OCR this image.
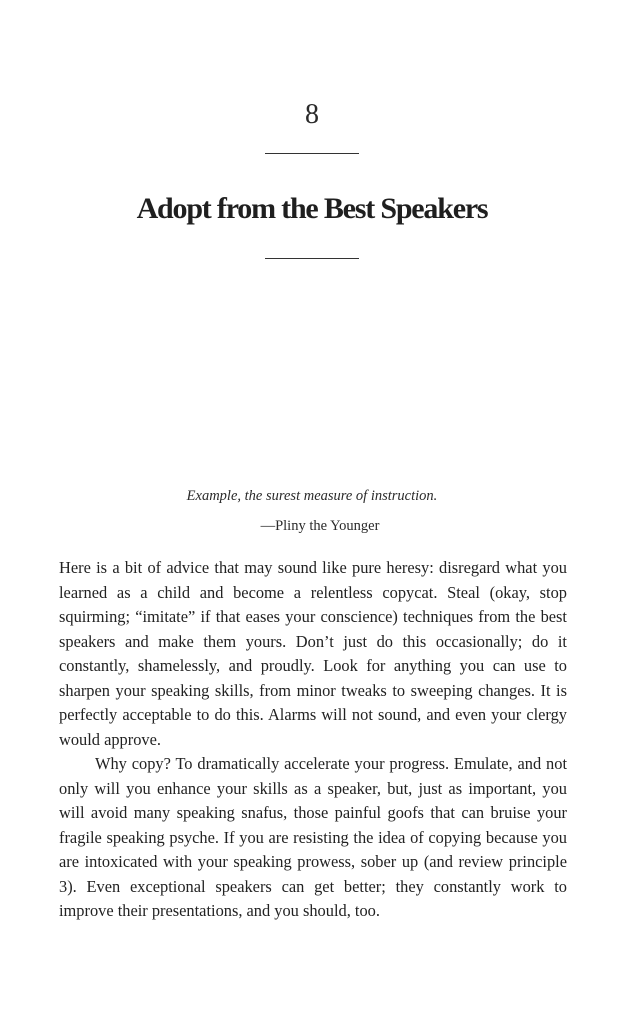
8
Adopt from the Best Speakers

Example, the surest measure of instruction.

—Pliny the Younger

Here is a bit of advice that may sound like pure heresy: disregard what you learned as a child and become a relentless copycat. Steal (okay, stop squirming; “imitate” if that eases your conscience) techniques from the best speakers and make them yours. Don’t just do this occasionally; do it constantly, shamelessly, and proudly. Look for anything you can use to sharpen your speaking skills, from minor tweaks to sweeping changes. It is perfectly acceptable to do this. Alarms will not sound, and even your clergy would approve.

Why copy? To dramatically accelerate your progress. Emulate, and not only will you enhance your skills as a speaker, but, just as important, you will avoid many speaking snafus, those painful goofs that can bruise your fragile speaking psyche. If you are resisting the idea of copying because you are intoxicated with your speaking prowess, sober up (and review principle 3). Even exceptional speakers can get better; they constantly work to improve their presentations, and you should, too.
